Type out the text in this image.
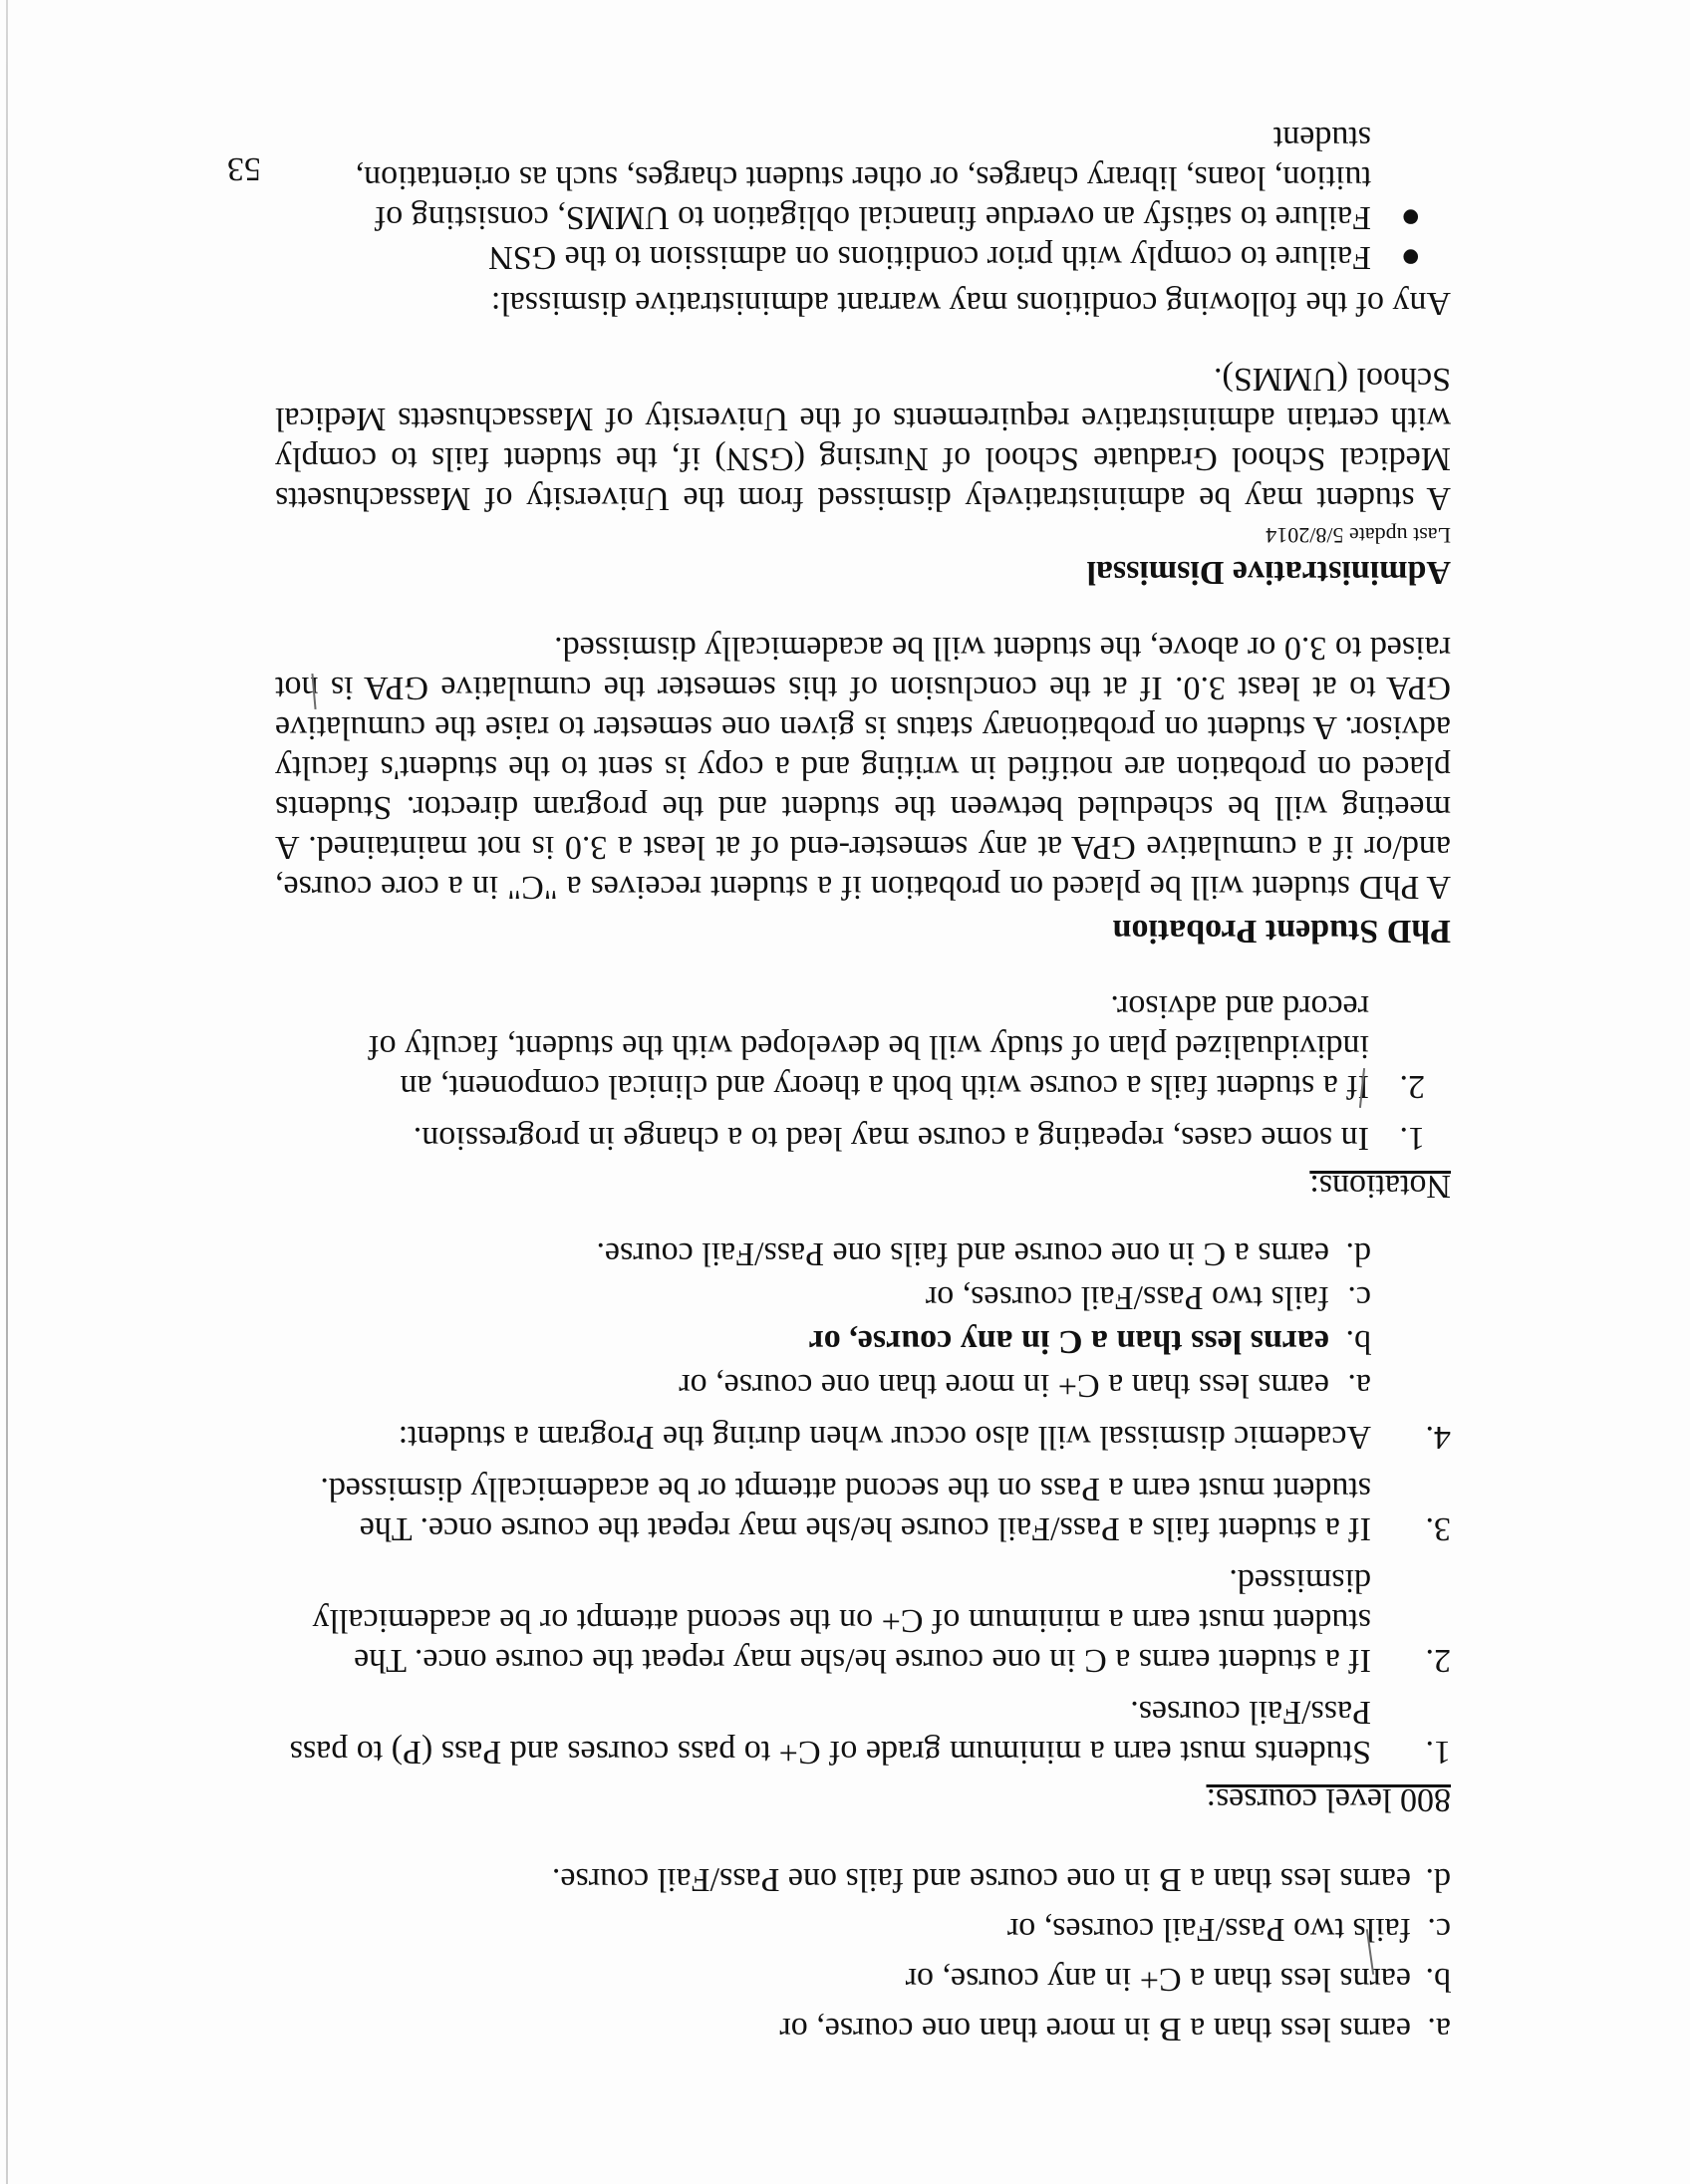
a.
earns less than a B in more than one course, or
b.
earns less than a C+ in any course, or
c.
fails two Pass/Fail courses, or
d.
earns less than a B in one course and fails one Pass/Fail course.
800 level courses:
1.
Students must earn a minimum grade of C+ to pass courses and Pass (P) to pass Pass/Fail courses.
2.
If a student earns a C in one course he/she may repeat the course once. The student must earn a minimum of C+ on the second attempt or be academically dismissed.
3.
If a student fails a Pass/Fail course he/she may repeat the course once. The student must earn a Pass on the second attempt or be academically dismissed.
4.
Academic dismissal will also occur when during the Program a student:
a.
earns less than a C+ in more than one course, or
b.
earns less than a C in any course, or
c.
fails two Pass/Fail courses, or
d.
earns a C in one course and fails one Pass/Fail course.
Notations:
1.
In some cases, repeating a course may lead to a change in progression.
2.
If a student fails a course with both a theory and clinical component, an individualized plan of study will be developed with the student, faculty of record and advisor.
PhD Student Probation

A PhD student will be placed on probation if a student receives a "C" in a core course, and/or if a cumulative GPA at any semester-end of at least a 3.0 is not maintained. A meeting will be scheduled between the student and the program director. Students placed on probation are notified in writing and a copy is sent to the student's faculty advisor. A student on probationary status is given one semester to raise the cumulative GPA to at least 3.0. If at the conclusion of this semester the cumulative GPA is not raised to 3.0 or above, the student will be academically dismissed.

Administrative Dismissal
Last update 5/8/2014

A student may be administratively dismissed from the University of Massachusetts Medical School Graduate School of Nursing (GSN) if, the student fails to comply with certain administrative requirements of the University of Massachusetts Medical School (UMMS).

Any of the following conditions may warrant administrative dismissal:

●
Failure to comply with prior conditions on admission to the GSN
●
Failure to satisfy an overdue financial obligation to UMMS, consisting of tuition, loans, library charges, or other student charges, such as orientation, student
53
